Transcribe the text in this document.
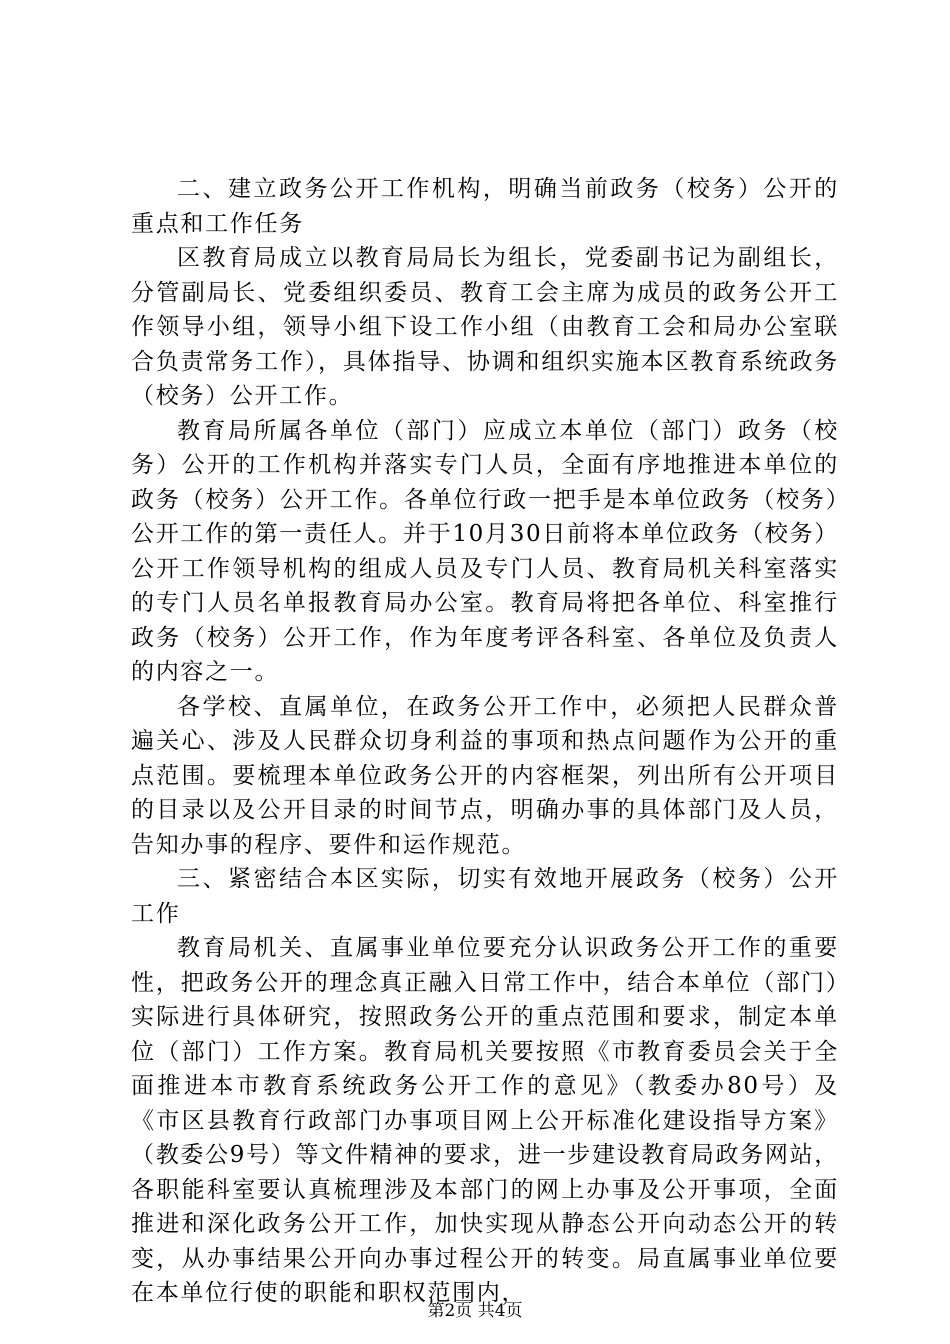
二、建立政务公开工作机构，明确当前政务（校务）公开的重点和工作任务

区教育局成立以教育局局长为组长，党委副书记为副组长，分管副局长、党委组织委员、教育工会主席为成员的政务公开工作领导小组，领导小组下设工作小组（由教育工会和局办公室联合负责常务工作），具体指导、协调和组织实施本区教育系统政务（校务）公开工作。

教育局所属各单位（部门）应成立本单位（部门）政务（校务）公开的工作机构并落实专门人员，全面有序地推进本单位的政务（校务）公开工作。各单位行政一把手是本单位政务（校务）公开工作的第一责任人。并于10月30日前将本单位政务（校务）公开工作领导机构的组成人员及专门人员、教育局机关科室落实的专门人员名单报教育局办公室。教育局将把各单位、科室推行政务（校务）公开工作，作为年度考评各科室、各单位及负责人的内容之一。

各学校、直属单位，在政务公开工作中，必须把人民群众普遍关心、涉及人民群众切身利益的事项和热点问题作为公开的重点范围。要梳理本单位政务公开的内容框架，列出所有公开项目的目录以及公开目录的时间节点，明确办事的具体部门及人员，告知办事的程序、要件和运作规范。

三、紧密结合本区实际，切实有效地开展政务（校务）公开工作

教育局机关、直属事业单位要充分认识政务公开工作的重要性，把政务公开的理念真正融入日常工作中，结合本单位（部门）实际进行具体研究，按照政务公开的重点范围和要求，制定本单位（部门）工作方案。教育局机关要按照《市教育委员会关于全面推进本市教育系统政务公开工作的意见》（教委办80号）及《市区县教育行政部门办事项目网上公开标准化建设指导方案》（教委公9号）等文件精神的要求，进一步建设教育局政务网站，各职能科室要认真梳理涉及本部门的网上办事及公开事项，全面推进和深化政务公开工作，加快实现从静态公开向动态公开的转变，从办事结果公开向办事过程公开的转变。局直属事业单位要在本单位行使的职能和职权范围内，

第2页 共4页
